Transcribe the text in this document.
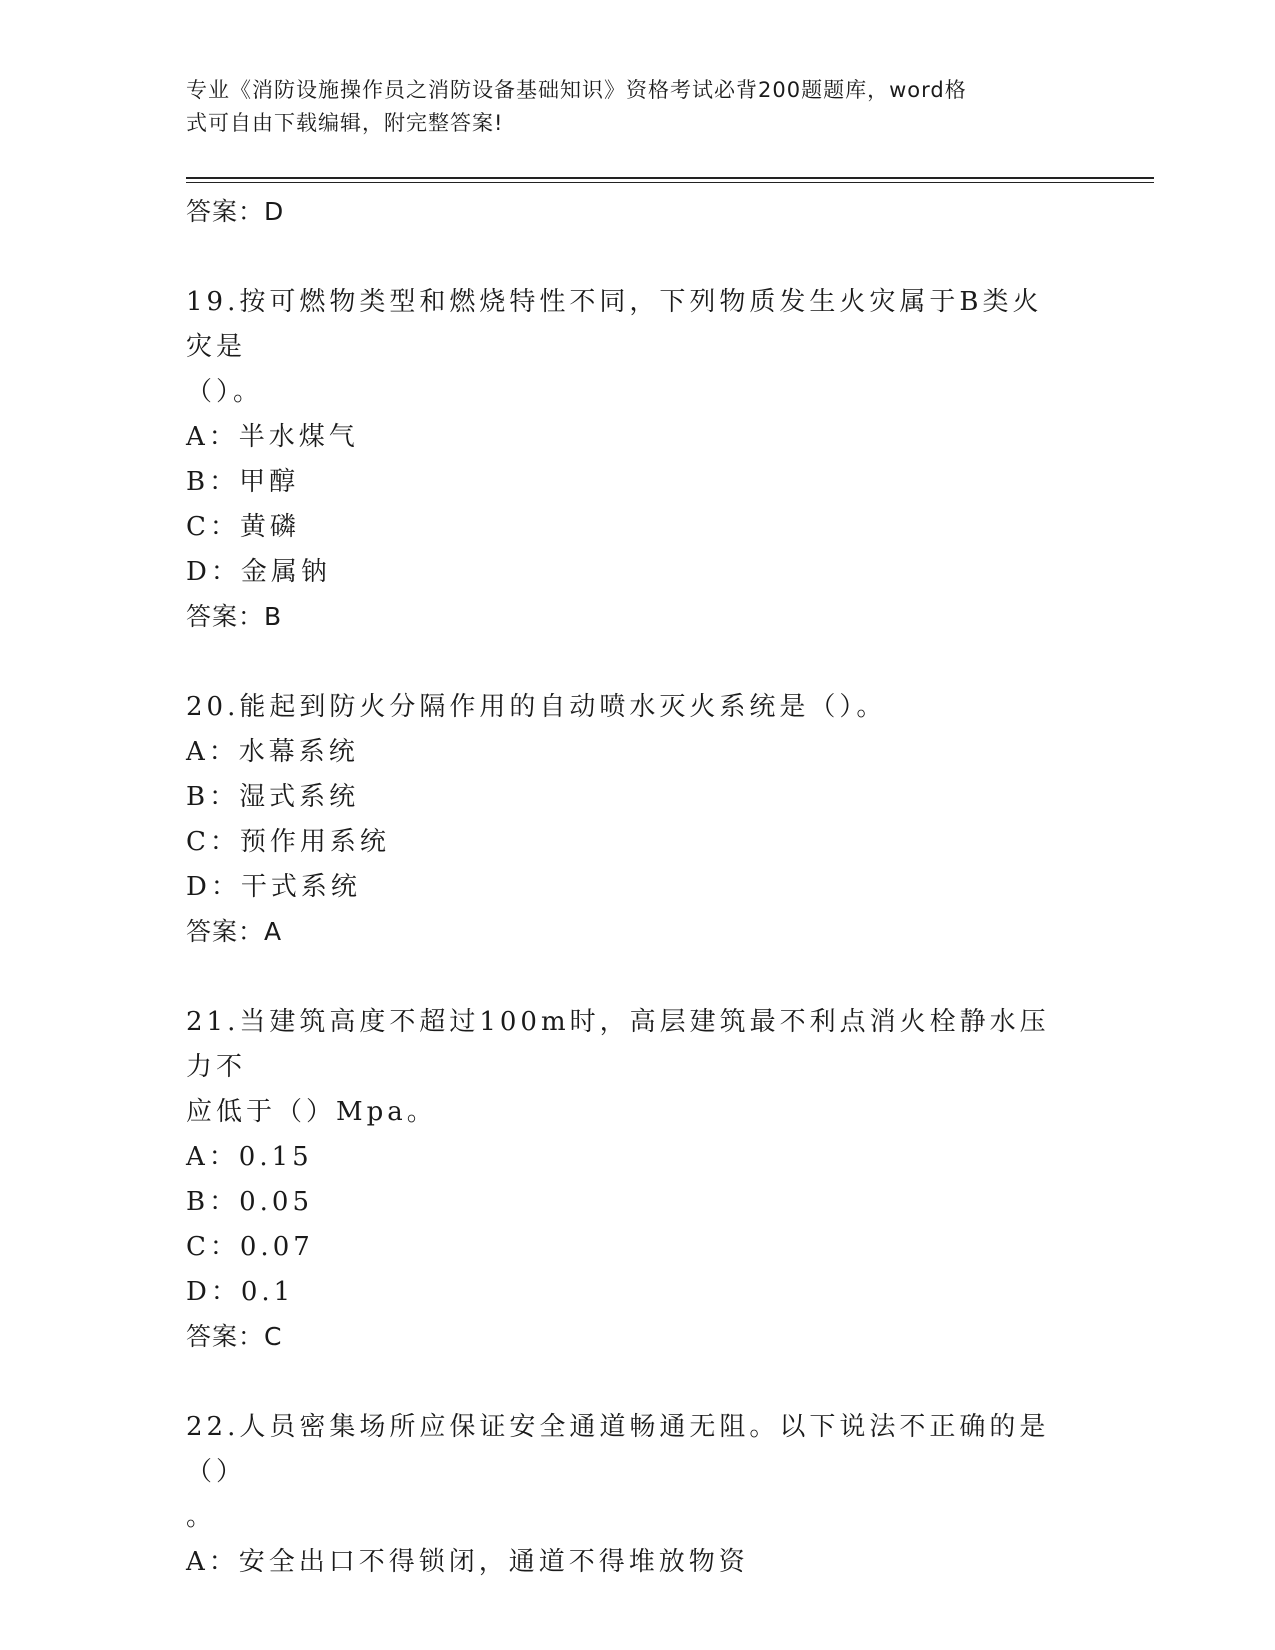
专业《消防设施操作员之消防设备基础知识》资格考试必背200题题库，word格
式可自由下载编辑，附完整答案!
答案：D
19.按可燃物类型和燃烧特性不同，下列物质发生火灾属于B类火灾是
（）。
A：半水煤气
B：甲醇
C：黄磷
D：金属钠
答案：B
20.能起到防火分隔作用的自动喷水灭火系统是（）。
A：水幕系统
B：湿式系统
C：预作用系统
D：干式系统
答案：A
21.当建筑高度不超过100m时，高层建筑最不利点消火栓静水压力不
应低于（）Mpa。
A：0.15
B：0.05
C：0.07
D：0.1
答案：C
22.人员密集场所应保证安全通道畅通无阻。以下说法不正确的是（）
。
A：安全出口不得锁闭，通道不得堆放物资
